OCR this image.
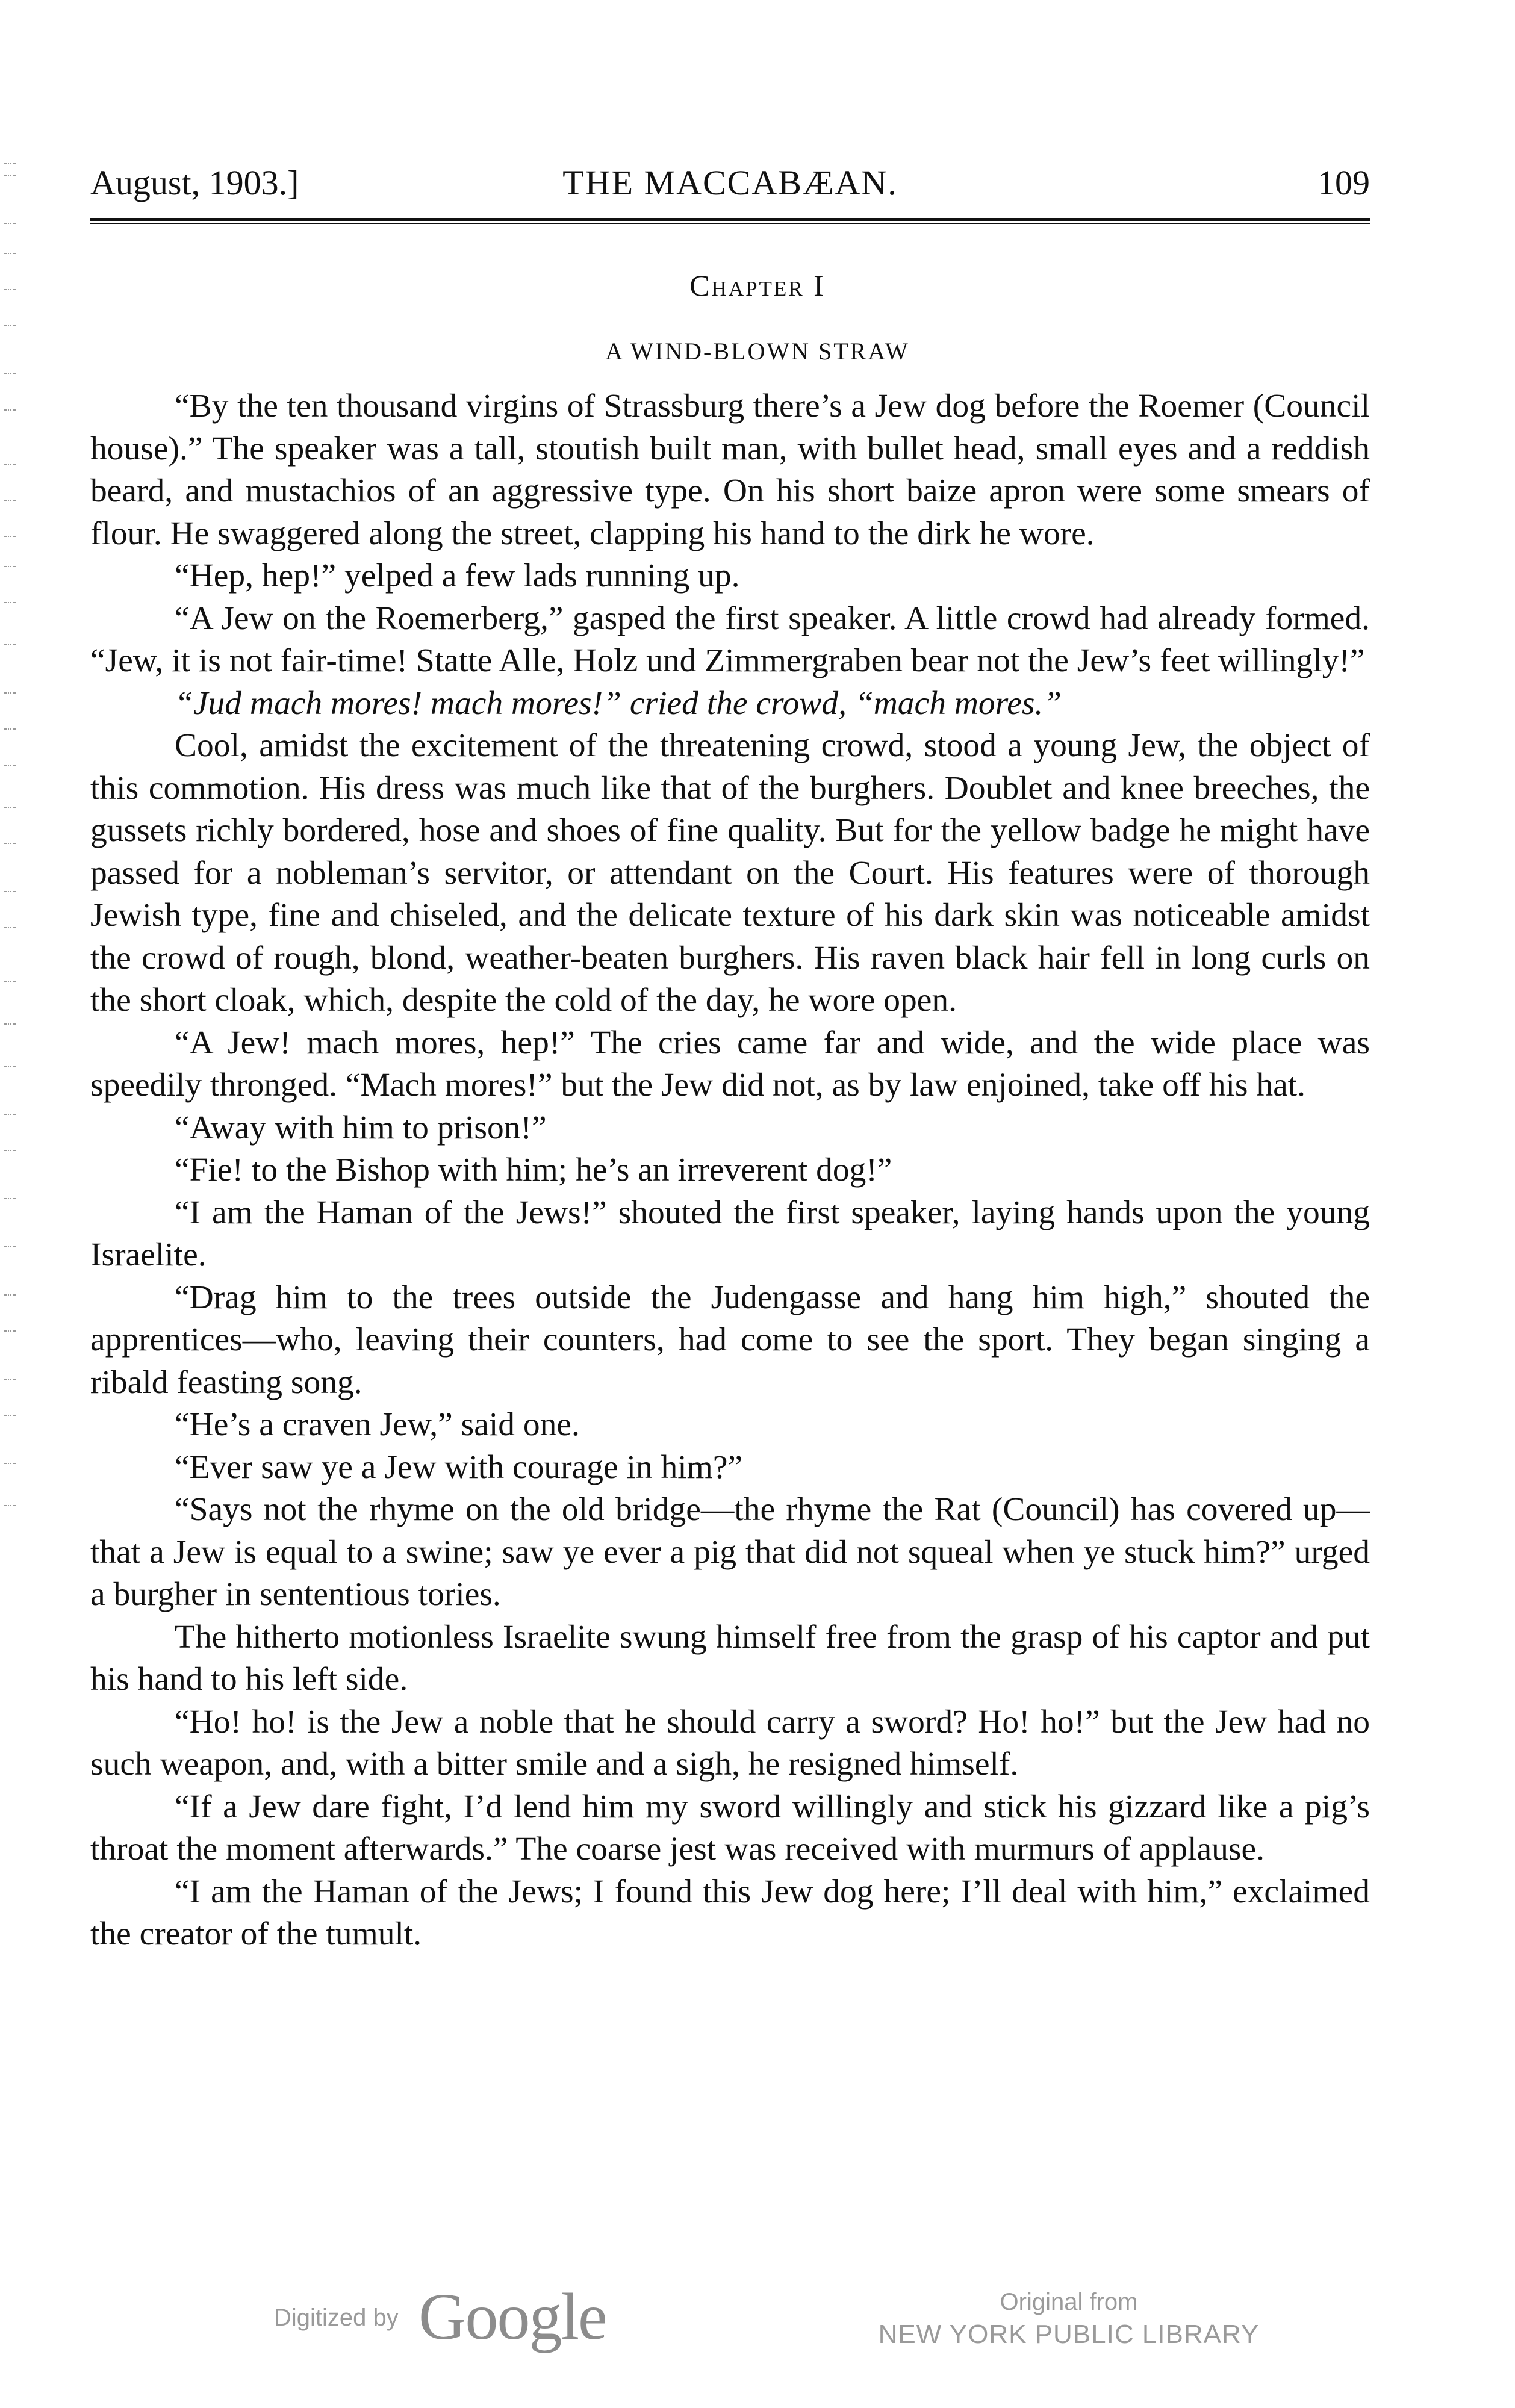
August, 1903.]	THE MACCABÆAN.	109
Chapter I
A WIND-BLOWN STRAW

“By the ten thousand virgins of Strassburg there’s a Jew dog before the Roemer (Council house).” The speaker was a tall, stoutish built man, with bullet head, small eyes and a reddish beard, and mustachios of an aggressive type. On his short baize apron were some smears of flour. He swaggered along the street, clapping his hand to the dirk he wore.

“Hep, hep!” yelped a few lads running up.

“A Jew on the Roemerberg,” gasped the first speaker. A little crowd had already formed. “Jew, it is not fair-time! Statte Alle, Holz und Zimmergraben bear not the Jew’s feet willingly!”

“Jud mach mores! mach mores!” cried the crowd, “mach mores.”

Cool, amidst the excitement of the threatening crowd, stood a young Jew, the object of this commotion. His dress was much like that of the burghers. Doublet and knee breeches, the gussets richly bordered, hose and shoes of fine quality. But for the yellow badge he might have passed for a nobleman’s servitor, or attendant on the Court. His features were of thorough Jewish type, fine and chiseled, and the delicate texture of his dark skin was noticeable amidst the crowd of rough, blond, weather-beaten burghers. His raven black hair fell in long curls on the short cloak, which, despite the cold of the day, he wore open.

“A Jew! mach mores, hep!” The cries came far and wide, and the wide place was speedily thronged. “Mach mores!” but the Jew did not, as by law enjoined, take off his hat.

“Away with him to prison!”

“Fie! to the Bishop with him; he’s an irreverent dog!”

“I am the Haman of the Jews!” shouted the first speaker, laying hands upon the young Israelite.

“Drag him to the trees outside the Judengasse and hang him high,” shouted the apprentices—who, leaving their counters, had come to see the sport. They began singing a ribald feasting song.

“He’s a craven Jew,” said one.

“Ever saw ye a Jew with courage in him?”

“Says not the rhyme on the old bridge—the rhyme the Rat (Council) has covered up—that a Jew is equal to a swine; saw ye ever a pig that did not squeal when ye stuck him?” urged a burgher in sententious tories.

The hitherto motionless Israelite swung himself free from the grasp of his captor and put his hand to his left side.

“Ho! ho! is the Jew a noble that he should carry a sword? Ho! ho!” but the Jew had no such weapon, and, with a bitter smile and a sigh, he resigned himself.

“If a Jew dare fight, I’d lend him my sword willingly and stick his gizzard like a pig’s throat the moment afterwards.” The coarse jest was received with murmurs of applause.

“I am the Haman of the Jews; I found this Jew dog here; I’ll deal with him,” exclaimed the creator of the tumult.

Digitized by Google	Original from
NEW YORK PUBLIC LIBRARY
